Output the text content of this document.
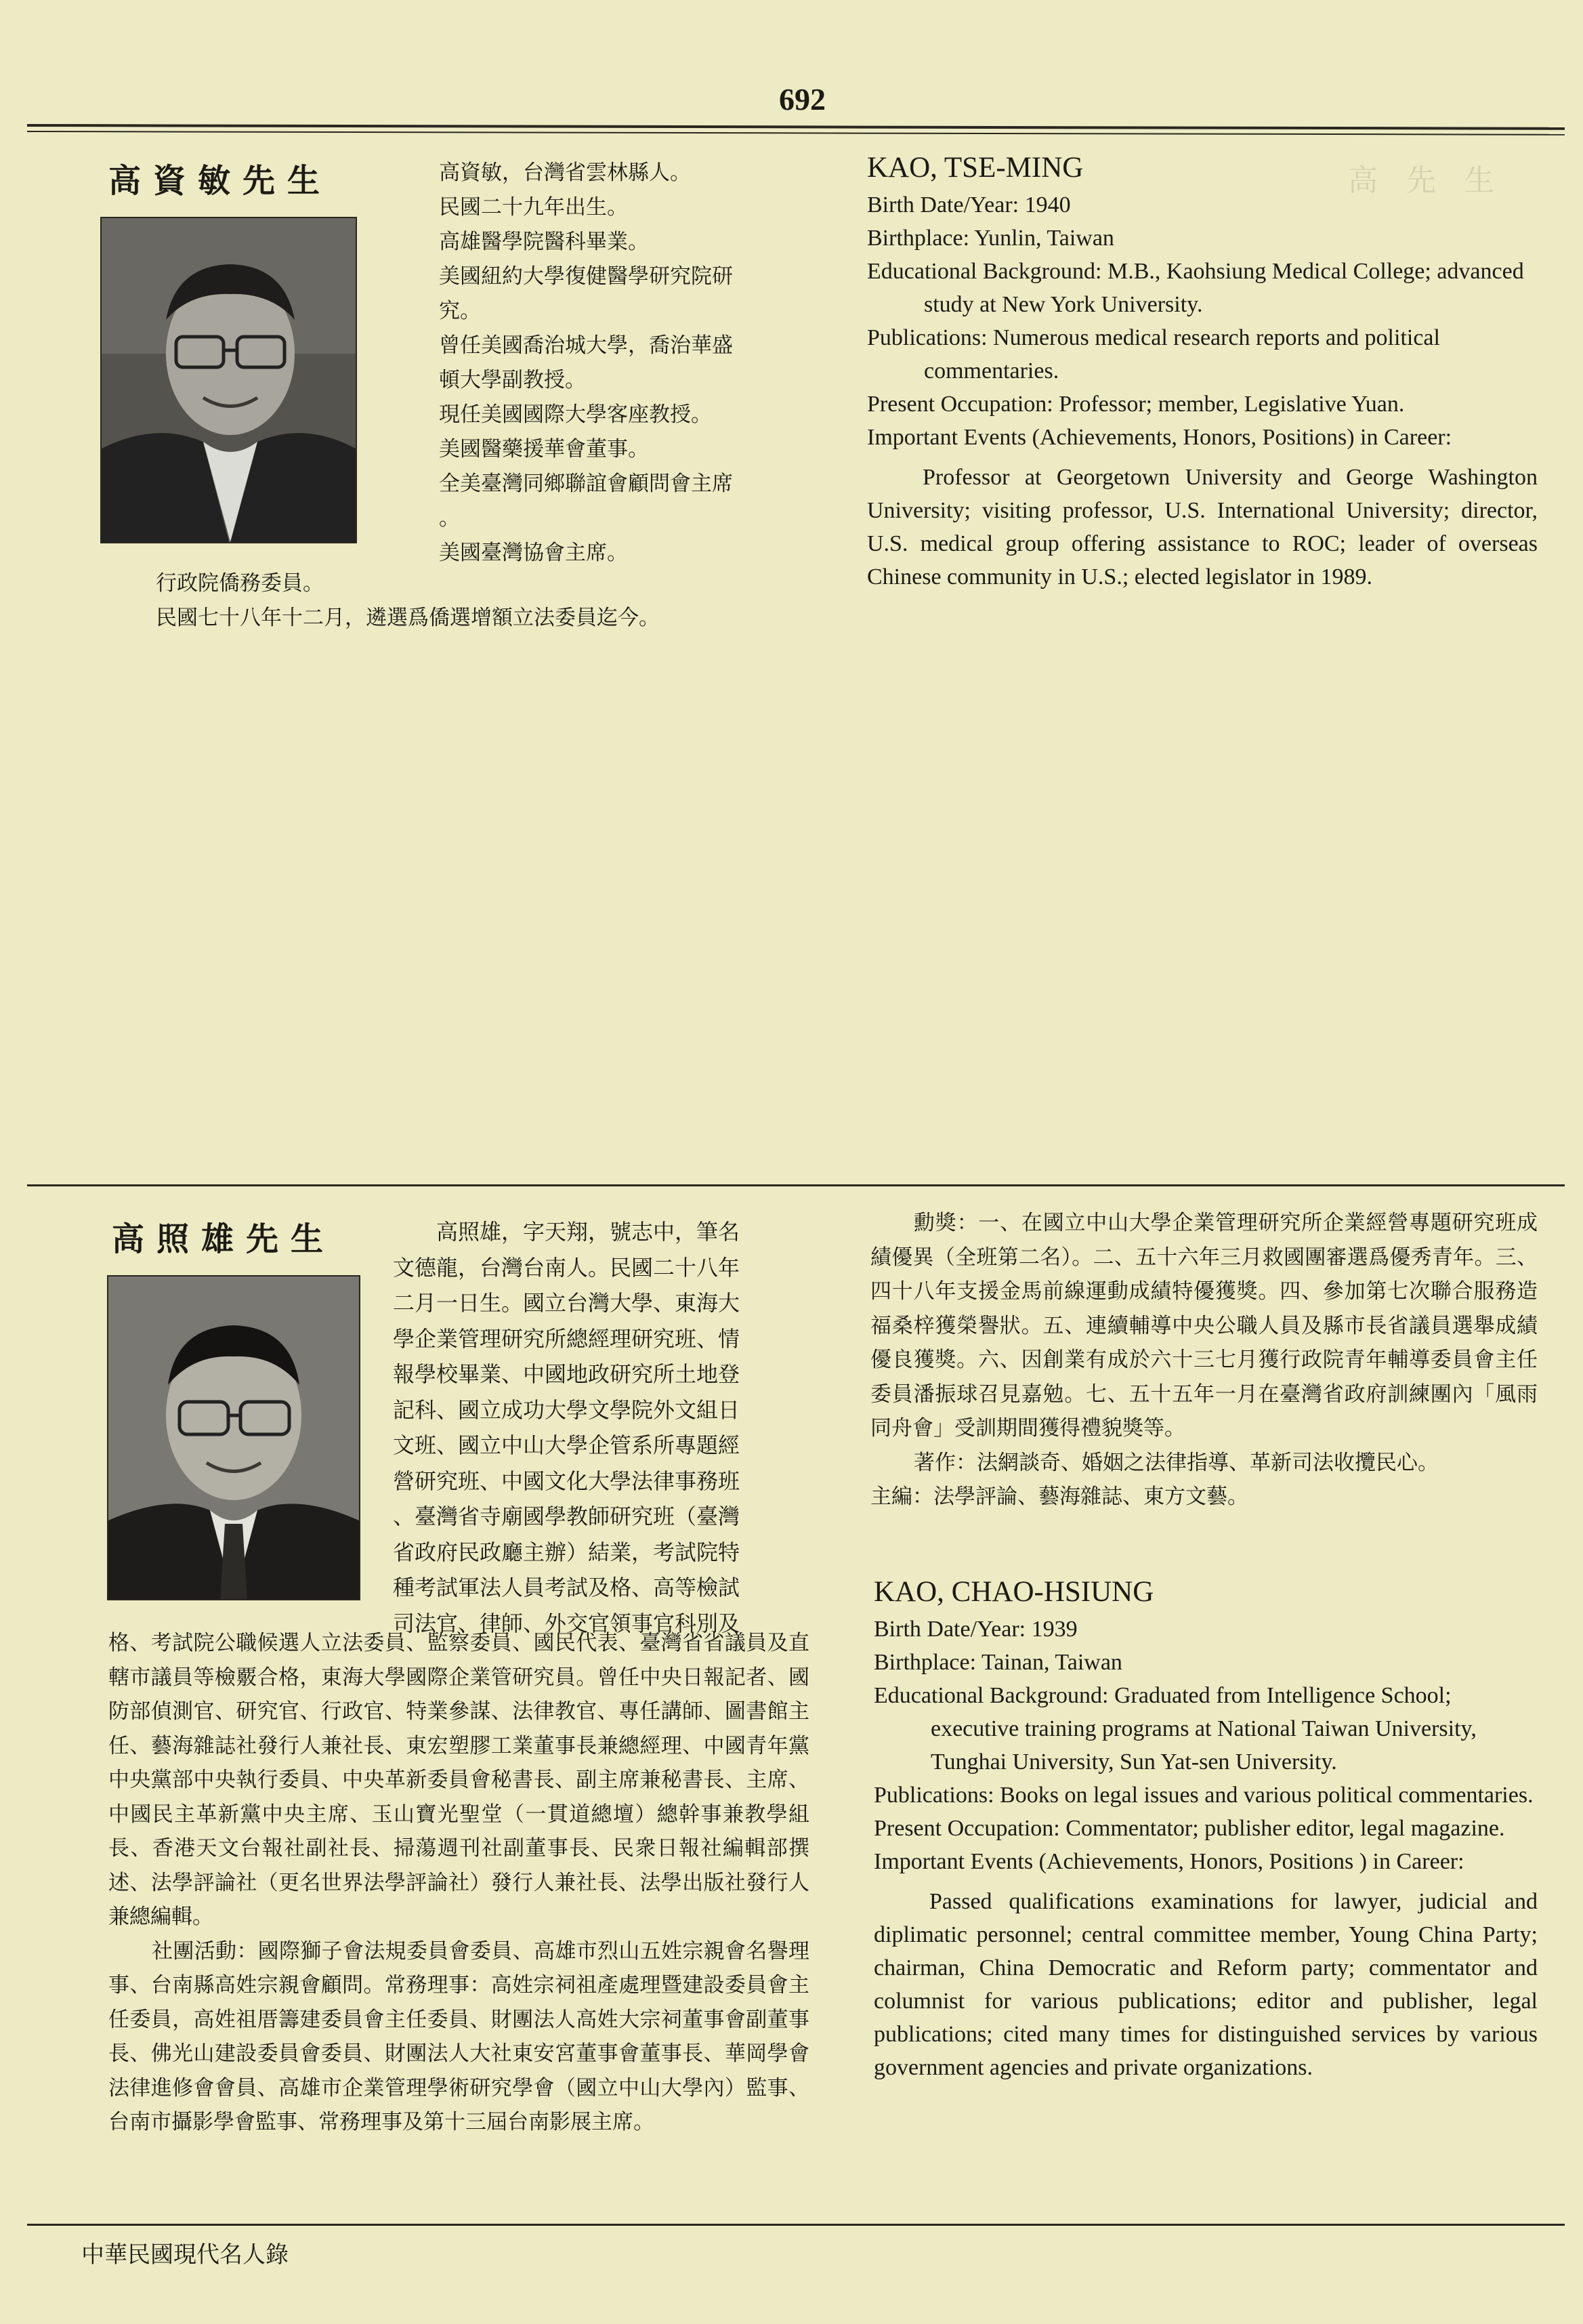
高 先 生
692
高資敏先生	高資敏，台灣省雲林縣人。
民國二十九年出生。
高雄醫學院醫科畢業。
美國紐約大學復健醫學研究院研
究。
曾任美國喬治城大學，喬治華盛
頓大學副教授。
現任美國國際大學客座教授。
美國醫藥援華會董事。
全美臺灣同鄉聯誼會顧問會主席
。
美國臺灣協會主席。
行政院僑務委員。
民國七十八年十二月，遴選爲僑選增額立法委員迄今。
KAO, TSE-MING

Birth Date/Year: 1940

Birthplace: Yunlin, Taiwan

Educational Background: M.B., Kaohsiung Medical College; advanced study at New York University.

Publications: Numerous medical research reports and political commentaries.

Present Occupation: Professor; member, Legislative Yuan.

Important Events (Achievements, Honors, Positions) in Career:

Professor at Georgetown University and George Washington University; visiting professor, U.S. International University; director, U.S. medical group offering assistance to ROC; leader of overseas Chinese community in U.S.; elected legislator in 1989.

高照雄先生	高照雄，字天翔，號志中，筆名
文德龍，台灣台南人。民國二十八年
二月一日生。國立台灣大學、東海大
學企業管理研究所總經理研究班、情
報學校畢業、中國地政研究所土地登
記科、國立成功大學文學院外文組日
文班、國立中山大學企管系所專題經
營研究班、中國文化大學法律事務班
、臺灣省寺廟國學教師研究班（臺灣
省政府民政廳主辦）結業，考試院特
種考試軍法人員考試及格、高等檢試
司法官、律師、外交官領事官科別及

格、考試院公職候選人立法委員、監察委員、國民代表、臺灣省省議員及直轄市議員等檢覈合格，東海大學國際企業管研究員。曾任中央日報記者、國防部偵測官、研究官、行政官、特業參謀、法律教官、專任講師、圖書館主任、藝海雜誌社發行人兼社長、東宏塑膠工業董事長兼總經理、中國青年黨中央黨部中央執行委員、中央革新委員會秘書長、副主席兼秘書長、主席、中國民主革新黨中央主席、玉山寶光聖堂（一貫道總壇）總幹事兼教學組長、香港天文台報社副社長、掃蕩週刊社副董事長、民衆日報社編輯部撰述、法學評論社（更名世界法學評論社）發行人兼社長、法學出版社發行人兼總編輯。

社團活動：國際獅子會法規委員會委員、高雄市烈山五姓宗親會名譽理事、台南縣高姓宗親會顧問。常務理事：高姓宗祠祖產處理暨建設委員會主任委員，高姓祖厝籌建委員會主任委員、財團法人高姓大宗祠董事會副董事長、佛光山建設委員會委員、財團法人大社東安宮董事會董事長、華岡學會法律進修會會員、高雄市企業管理學術研究學會（國立中山大學內）監事、台南市攝影學會監事、常務理事及第十三屆台南影展主席。

勳獎：一、在國立中山大學企業管理研究所企業經營專題研究班成績優異（全班第二名）。二、五十六年三月救國團審選爲優秀青年。三、四十八年支援金馬前線運動成績特優獲獎。四、參加第七次聯合服務造福桑梓獲榮譽狀。五、連續輔導中央公職人員及縣市長省議員選舉成績優良獲獎。六、因創業有成於六十三七月獲行政院青年輔導委員會主任委員潘振球召見嘉勉。七、五十五年一月在臺灣省政府訓練團內「風雨同舟會」受訓期間獲得禮貌獎等。

著作：法網談奇、婚姻之法律指導、革新司法收攬民心。

主編：法學評論、藝海雜誌、東方文藝。

KAO, CHAO-HSIUNG

Birth Date/Year: 1939

Birthplace: Tainan, Taiwan

Educational Background: Graduated from Intelligence School; executive training programs at National Taiwan University, Tunghai University, Sun Yat-sen University.

Publications: Books on legal issues and various political commentaries.

Present Occupation: Commentator; publisher editor, legal magazine.

Important Events (Achievements, Honors, Positions ) in Career:

Passed qualifications examinations for lawyer, judicial and diplimatic personnel; central committee member, Young China Party; chairman, China Democratic and Reform party; commentator and columnist for various publications; editor and publisher, legal publications; cited many times for distinguished services by various government agencies and private organizations.

中華民國現代名人錄
